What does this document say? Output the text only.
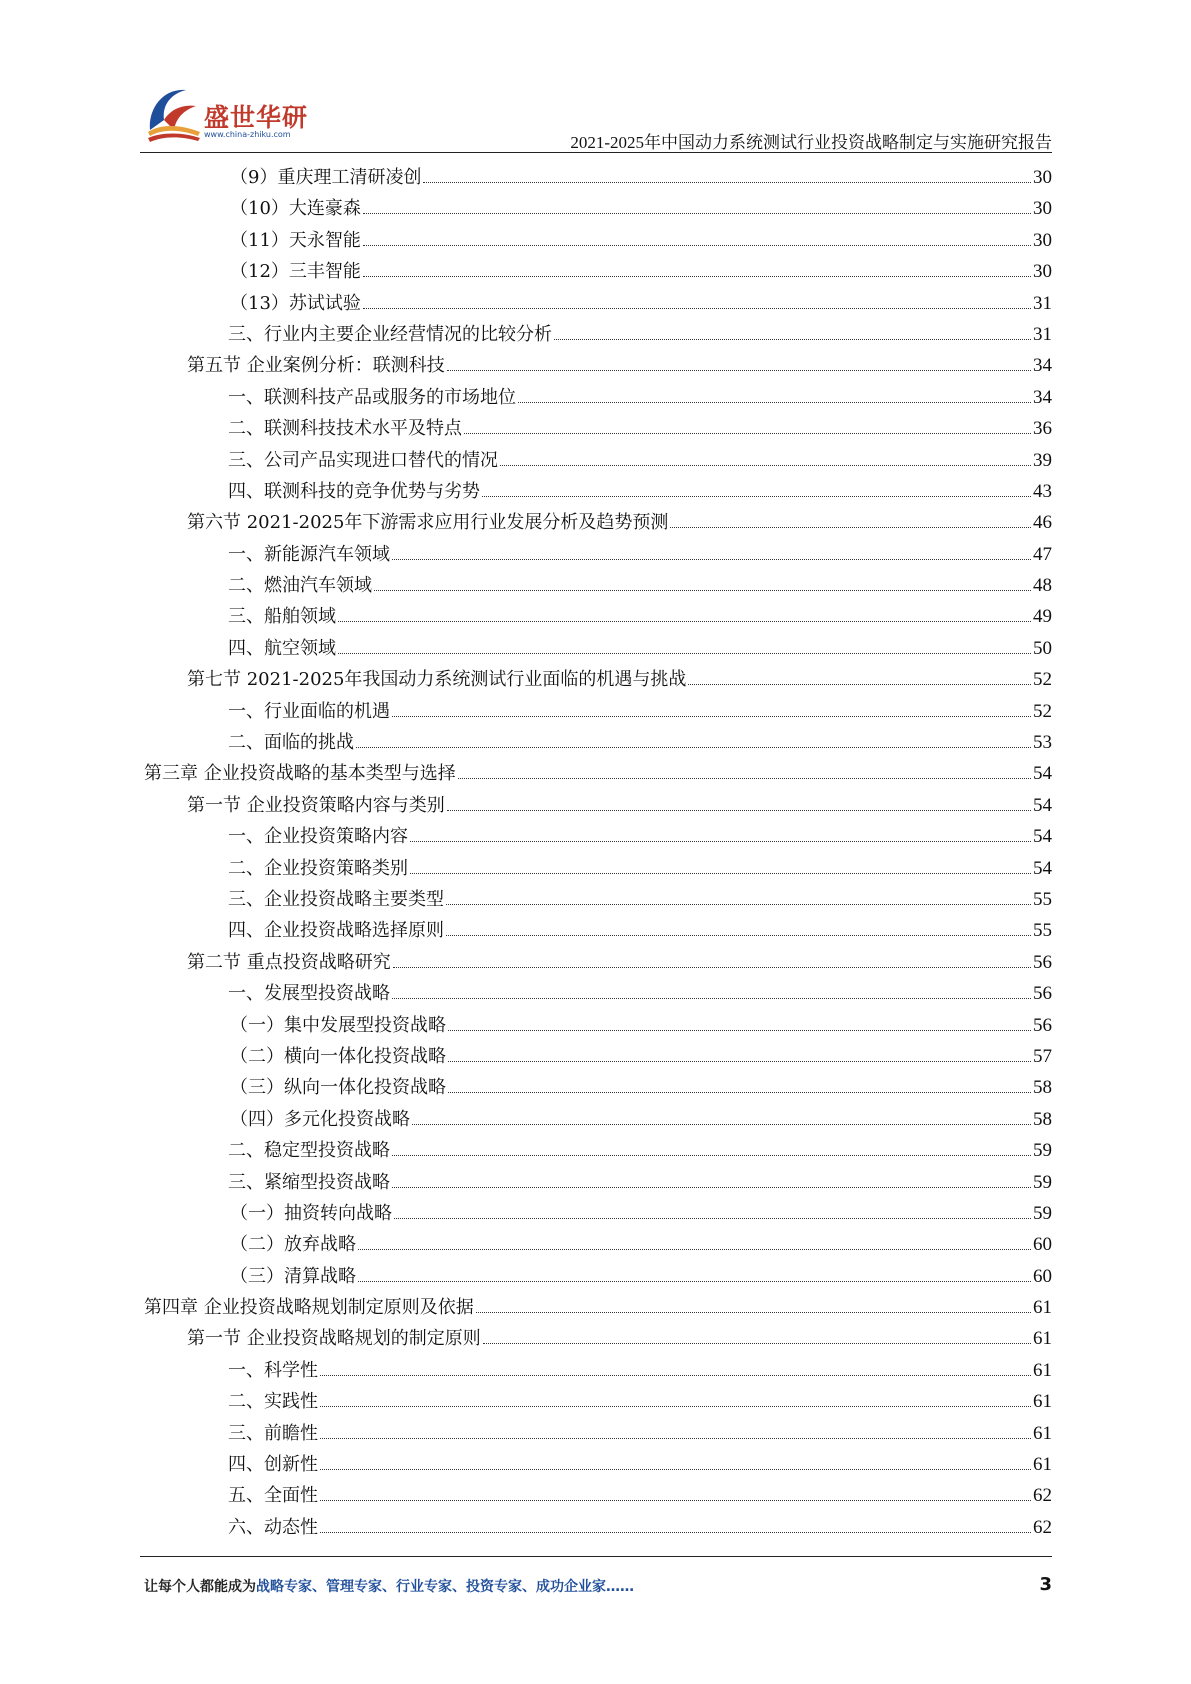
盛世华研
www.china-zhiku.com	2021-2025年中国动力系统测试行业投资战略制定与实施研究报告
（9）重庆理工清研凌创	30
（10）大连豪森	30
（11）天永智能	30
（12）三丰智能	30
（13）苏试试验	31
三、行业内主要企业经营情况的比较分析	31
第五节 企业案例分析：联测科技	34
一、联测科技产品或服务的市场地位	34
二、联测科技技术水平及特点	36
三、公司产品实现进口替代的情况	39
四、联测科技的竞争优势与劣势	43
第六节 2021-2025年下游需求应用行业发展分析及趋势预测	46
一、新能源汽车领域	47
二、燃油汽车领域	48
三、船舶领域	49
四、航空领域	50
第七节 2021-2025年我国动力系统测试行业面临的机遇与挑战	52
一、行业面临的机遇	52
二、面临的挑战	53
第三章 企业投资战略的基本类型与选择	54
第一节 企业投资策略内容与类别	54
一、企业投资策略内容	54
二、企业投资策略类别	54
三、企业投资战略主要类型	55
四、企业投资战略选择原则	55
第二节 重点投资战略研究	56
一、发展型投资战略	56
（一）集中发展型投资战略	56
（二）横向一体化投资战略	57
（三）纵向一体化投资战略	58
（四）多元化投资战略	58
二、稳定型投资战略	59
三、紧缩型投资战略	59
（一）抽资转向战略	59
（二）放弃战略	60
（三）清算战略	60
第四章 企业投资战略规划制定原则及依据	61
第一节 企业投资战略规划的制定原则	61
一、科学性	61
二、实践性	61
三、前瞻性	61
四、创新性	61
五、全面性	62
六、动态性	62
让每个人都能成为战略专家、管理专家、行业专家、投资专家、成功企业家……	3
